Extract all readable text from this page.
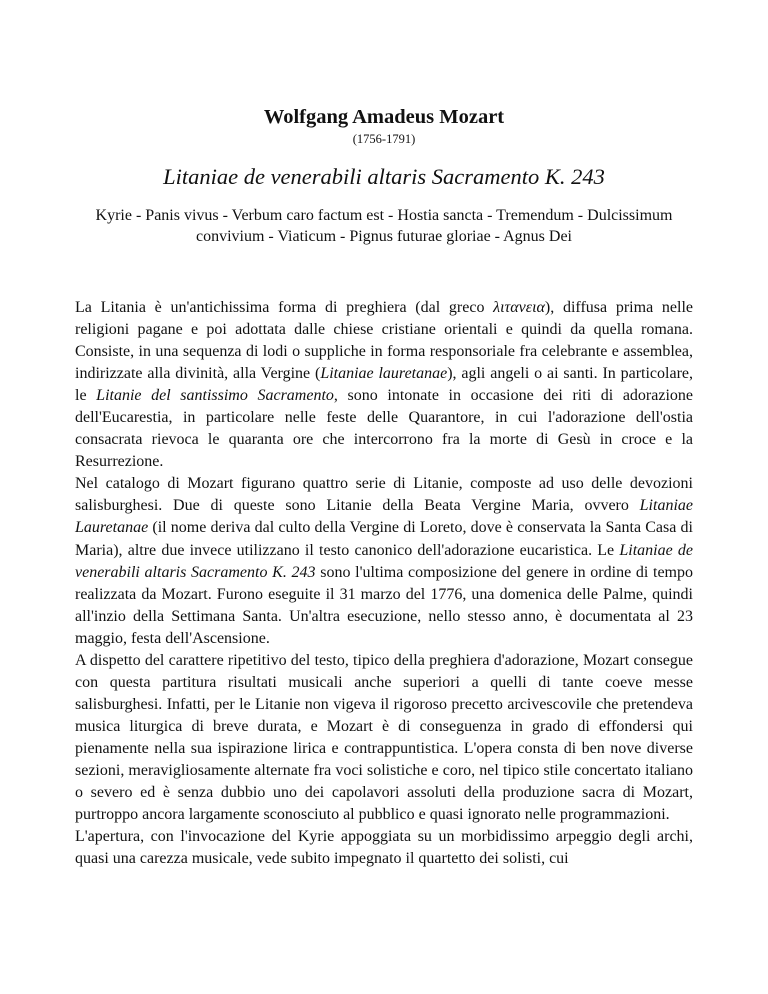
Wolfgang Amadeus Mozart
(1756-1791)
Litaniae de venerabili altaris Sacramento K. 243
Kyrie - Panis vivus - Verbum caro factum est - Hostia sancta - Tremendum - Dulcissimum convivium - Viaticum - Pignus futurae gloriae - Agnus Dei

La Litania è un'antichissima forma di preghiera (dal greco λιτανεια), diffusa prima nelle religioni pagane e poi adottata dalle chiese cristiane orientali e quindi da quella romana. Consiste, in una sequenza di lodi o suppliche in forma responsoriale fra celebrante e assemblea, indirizzate alla divinità, alla Vergine (Litaniae lauretanae), agli angeli o ai santi. In particolare, le Litanie del santissimo Sacramento, sono intonate in occasione dei riti di adorazione dell'Eucarestia, in particolare nelle feste delle Quarantore, in cui l'adorazione dell'ostia consacrata rievoca le quaranta ore che intercorrono fra la morte di Gesù in croce e la Resurrezione.

Nel catalogo di Mozart figurano quattro serie di Litanie, composte ad uso delle devozioni salisburghesi. Due di queste sono Litanie della Beata Vergine Maria, ovvero Litaniae Lauretanae (il nome deriva dal culto della Vergine di Loreto, dove è conservata la Santa Casa di Maria), altre due invece utilizzano il testo canonico dell'adorazione eucaristica. Le Litaniae de venerabili altaris Sacramento K. 243 sono l'ultima composizione del genere in ordine di tempo realizzata da Mozart. Furono eseguite il 31 marzo del 1776, una domenica delle Palme, quindi all'inzio della Settimana Santa. Un'altra esecuzione, nello stesso anno, è documentata al 23 maggio, festa dell'Ascensione.

A dispetto del carattere ripetitivo del testo, tipico della preghiera d'adorazione, Mozart consegue con questa partitura risultati musicali anche superiori a quelli di tante coeve messe salisburghesi. Infatti, per le Litanie non vigeva il rigoroso precetto arcivescovile che pretendeva musica liturgica di breve durata, e Mozart è di conseguenza in grado di effondersi qui pienamente nella sua ispirazione lirica e contrappuntistica. L'opera consta di ben nove diverse sezioni, meravigliosamente alternate fra voci solistiche e coro, nel tipico stile concertato italiano o severo ed è senza dubbio uno dei capolavori assoluti della produzione sacra di Mozart, purtroppo ancora largamente sconosciuto al pubblico e quasi ignorato nelle programmazioni.

L'apertura, con l'invocazione del Kyrie appoggiata su un morbidissimo arpeggio degli archi, quasi una carezza musicale, vede subito impegnato il quartetto dei solisti, cui
